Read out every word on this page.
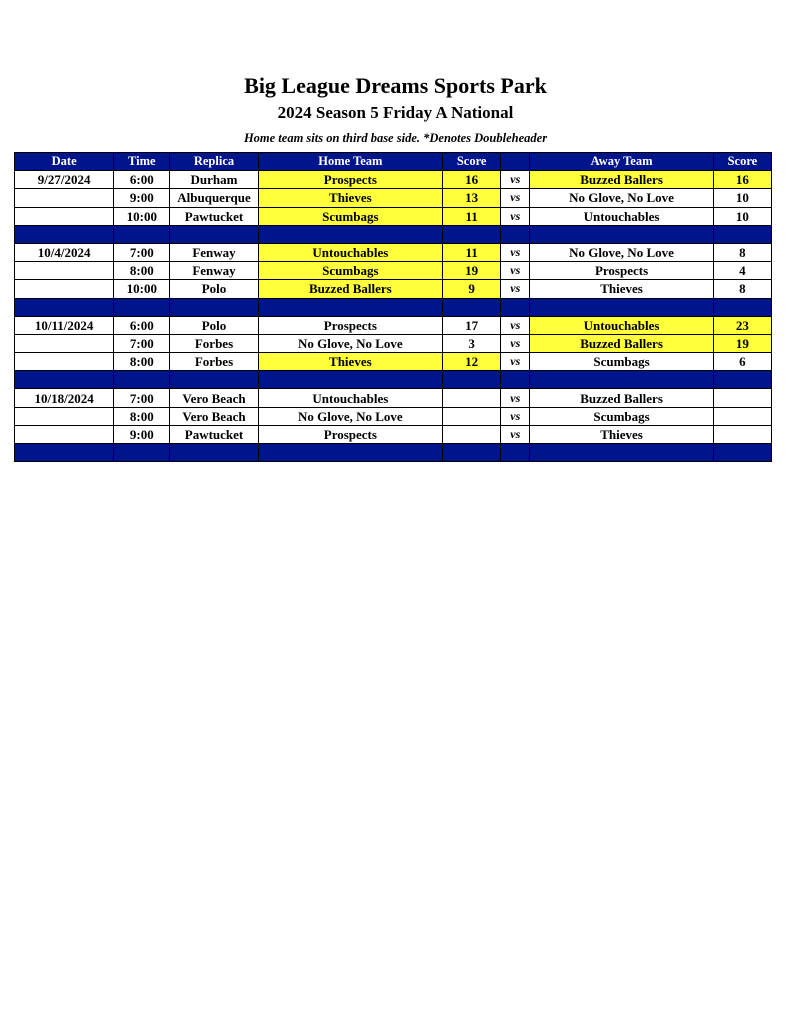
Big League Dreams Sports Park
2024 Season 5 Friday A National
Home team sits on third base side. *Denotes Doubleheader
Date	Time	Replica	Home Team	Score		Away Team	Score
9/27/2024	6:00	Durham	Prospects	16	vs	Buzzed Ballers	16
	9:00	Albuquerque	Thieves	13	vs	No Glove, No Love	10
	10:00	Pawtucket	Scumbags	11	vs	Untouchables	10

10/4/2024	7:00	Fenway	Untouchables	11	vs	No Glove, No Love	8
	8:00	Fenway	Scumbags	19	vs	Prospects	4
	10:00	Polo	Buzzed Ballers	9	vs	Thieves	8

10/11/2024	6:00	Polo	Prospects	17	vs	Untouchables	23
	7:00	Forbes	No Glove, No Love	3	vs	Buzzed Ballers	19
	8:00	Forbes	Thieves	12	vs	Scumbags	6

10/18/2024	7:00	Vero Beach	Untouchables		vs	Buzzed Ballers	
	8:00	Vero Beach	No Glove, No Love		vs	Scumbags	
	9:00	Pawtucket	Prospects		vs	Thieves	
